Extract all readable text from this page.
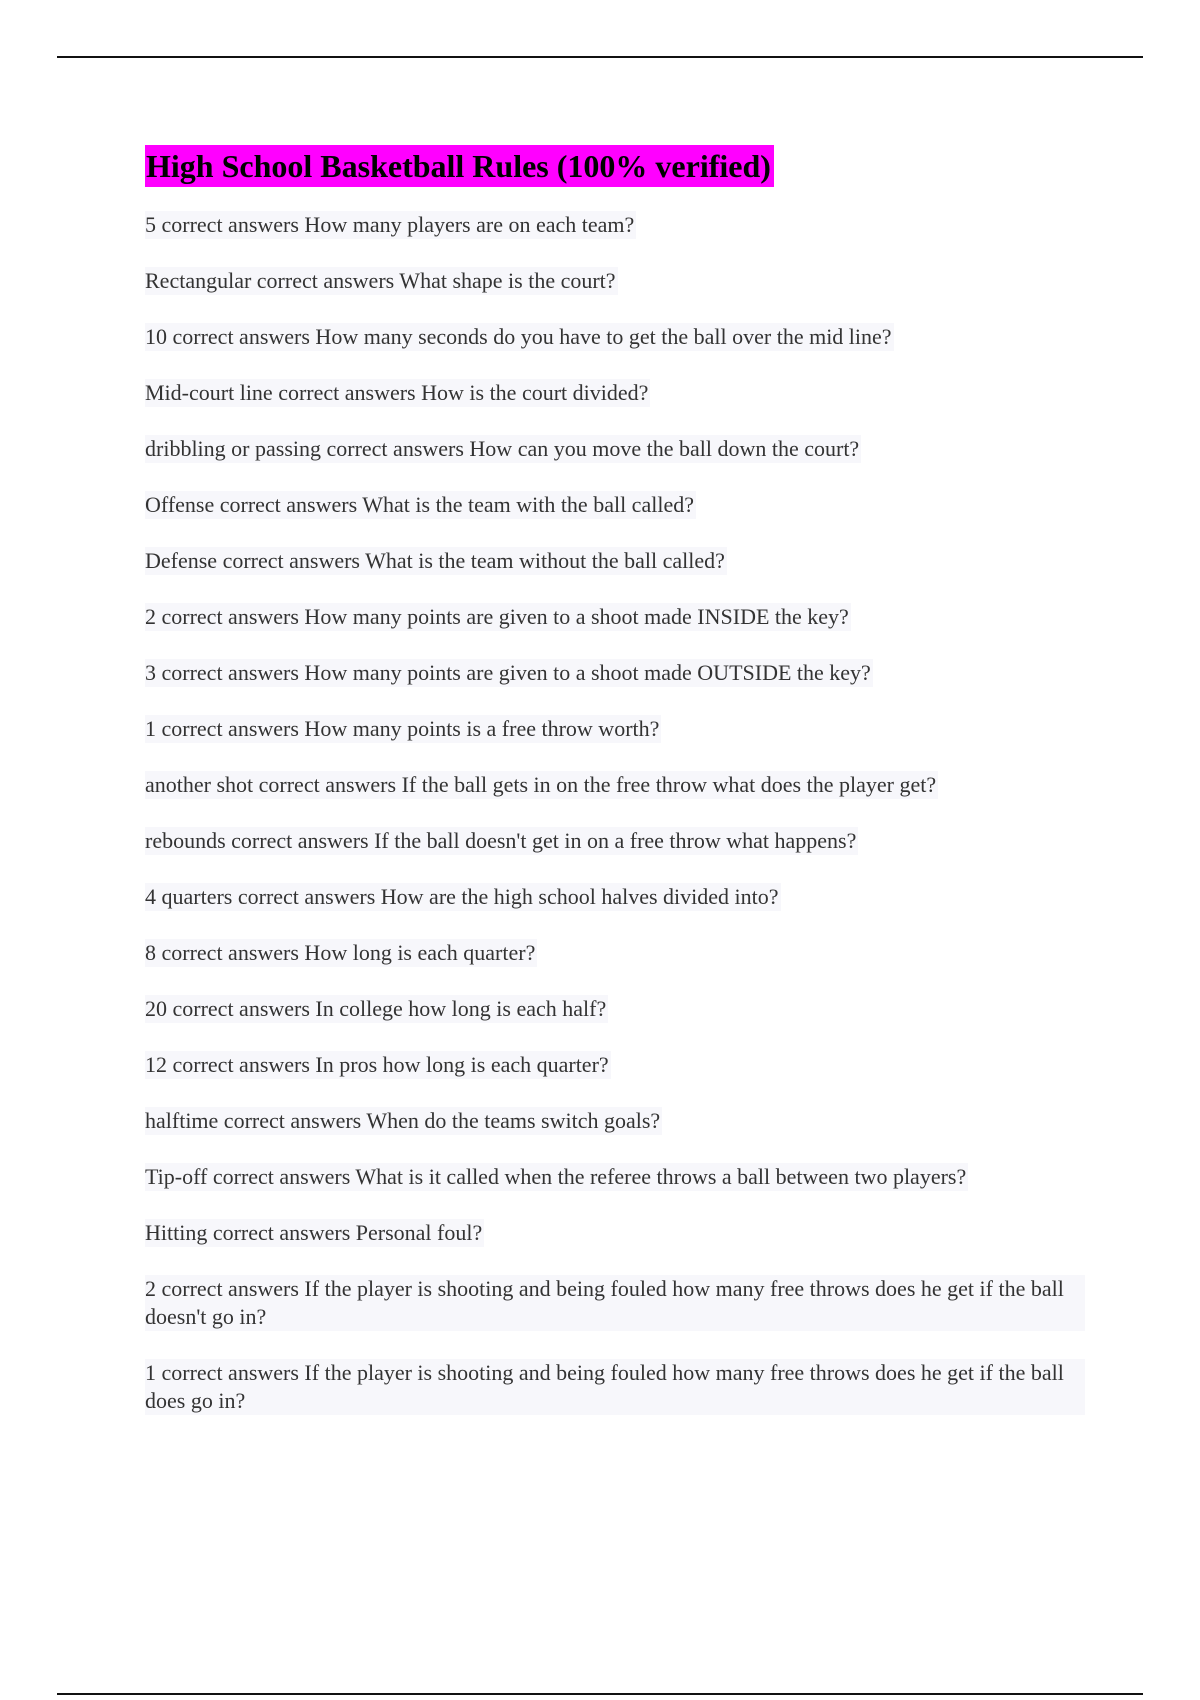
High School Basketball Rules (100% verified)
5 correct answers How many players are on each team?
Rectangular correct answers What shape is the court?
10 correct answers How many seconds do you have to get the ball over the mid line?
Mid-court line correct answers How is the court divided?
dribbling or passing correct answers How can you move the ball down the court?
Offense correct answers What is the team with the ball called?
Defense correct answers What is the team without the ball called?
2 correct answers How many points are given to a shoot made INSIDE the key?
3 correct answers How many points are given to a shoot made OUTSIDE the key?
1 correct answers How many points is a free throw worth?
another shot correct answers If the ball gets in on the free throw what does the player get?
rebounds correct answers If the ball doesn't get in on a free throw what happens?
4 quarters correct answers How are the high school halves divided into?
8 correct answers How long is each quarter?
20 correct answers In college how long is each half?
12 correct answers In pros how long is each quarter?
halftime correct answers When do the teams switch goals?
Tip-off correct answers What is it called when the referee throws a ball between two players?
Hitting correct answers Personal foul?
2 correct answers If the player is shooting and being fouled how many free throws does he get if the ball doesn't go in?
1 correct answers If the player is shooting and being fouled how many free throws does he get if the ball does go in?
